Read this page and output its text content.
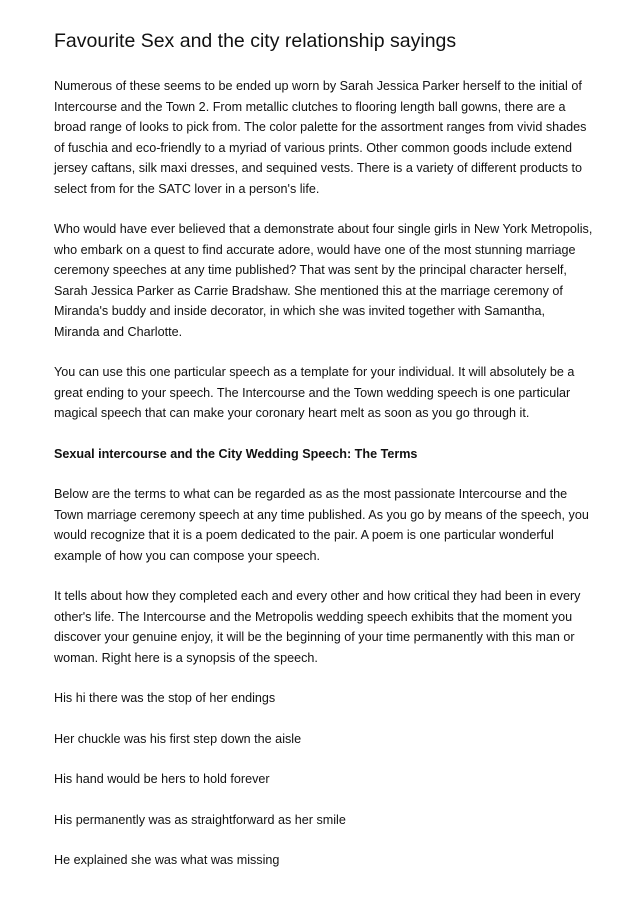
Favourite Sex and the city relationship sayings

Numerous of these seems to be ended up worn by Sarah Jessica Parker herself to the initial of Intercourse and the Town 2. From metallic clutches to flooring length ball gowns, there are a broad range of looks to pick from. The color palette for the assortment ranges from vivid shades of fuschia and eco-friendly to a myriad of various prints. Other common goods include extend jersey caftans, silk maxi dresses, and sequined vests. There is a variety of different products to select from for the SATC lover in a person's life.

Who would have ever believed that a demonstrate about four single girls in New York Metropolis, who embark on a quest to find accurate adore, would have one of the most stunning marriage ceremony speeches at any time published? That was sent by the principal character herself, Sarah Jessica Parker as Carrie Bradshaw. She mentioned this at the marriage ceremony of Miranda's buddy and inside decorator, in which she was invited together with Samantha, Miranda and Charlotte.

You can use this one particular speech as a template for your individual. It will absolutely be a great ending to your speech. The Intercourse and the Town wedding speech is one particular magical speech that can make your coronary heart melt as soon as you go through it.

Sexual intercourse and the City Wedding Speech: The Terms

Below are the terms to what can be regarded as as the most passionate Intercourse and the Town marriage ceremony speech at any time published. As you go by means of the speech, you would recognize that it is a poem dedicated to the pair. A poem is one particular wonderful example of how you can compose your speech.

It tells about how they completed each and every other and how critical they had been in every other's life. The Intercourse and the Metropolis wedding speech exhibits that the moment you discover your genuine enjoy, it will be the beginning of your time permanently with this man or woman. Right here is a synopsis of the speech.

His hi there was the stop of her endings

Her chuckle was his first step down the aisle

His hand would be hers to hold forever

His permanently was as straightforward as her smile

He explained she was what was missing
